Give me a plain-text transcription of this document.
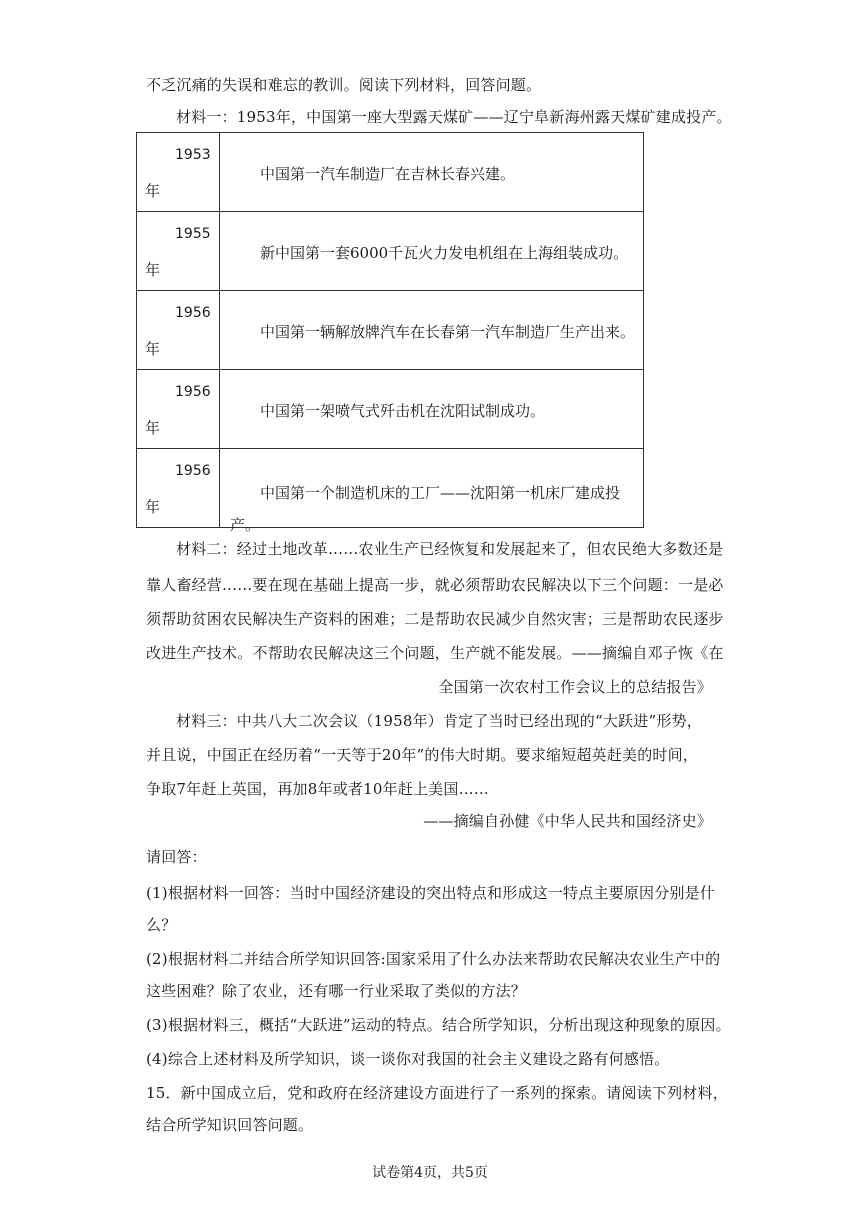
不乏沉痛的失误和难忘的教训。阅读下列材料，回答问题。
材料一：1953年，中国第一座大型露天煤矿——辽宁阜新海州露天煤矿建成投产。
1953
年	中国第一汽车制造厂在吉林长春兴建。

1955
年	新中国第一套6000千瓦火力发电机组在上海组装成功。

1956
年	中国第一辆解放牌汽车在长春第一汽车制造厂生产出来。

1956
年	中国第一架喷气式歼击机在沈阳试制成功。

1956
年	中国第一个制造机床的工厂——沈阳第一机床厂建成投产。
材料二：经过土地改革……农业生产已经恢复和发展起来了，但农民绝大多数还是
靠人畜经营……要在现在基础上提高一步，就必须帮助农民解决以下三个问题：一是必
须帮助贫困农民解决生产资料的困难；二是帮助农民减少自然灾害；三是帮助农民逐步
改进生产技术。不帮助农民解决这三个问题，生产就不能发展。——摘编自邓子恢《在
全国第一次农村工作会议上的总结报告》
材料三：中共八大二次会议（1958年）肯定了当时已经出现的“大跃进”形势，
并且说，中国正在经历着“一天等于20年”的伟大时期。要求缩短超英赶美的时间，
争取7年赶上英国，再加8年或者10年赶上美国……
——摘编自孙健《中华人民共和国经济史》
请回答：
(1)根据材料一回答：当时中国经济建设的突出特点和形成这一特点主要原因分别是什
么？
(2)根据材料二并结合所学知识回答:国家采用了什么办法来帮助农民解决农业生产中的
这些困难？除了农业，还有哪一行业采取了类似的方法？
(3)根据材料三，概括“大跃进”运动的特点。结合所学知识，分析出现这种现象的原因。
(4)综合上述材料及所学知识，谈一谈你对我国的社会主义建设之路有何感悟。
15．新中国成立后，党和政府在经济建设方面进行了一系列的探索。请阅读下列材料，
结合所学知识回答问题。
试卷第4页，共5页
